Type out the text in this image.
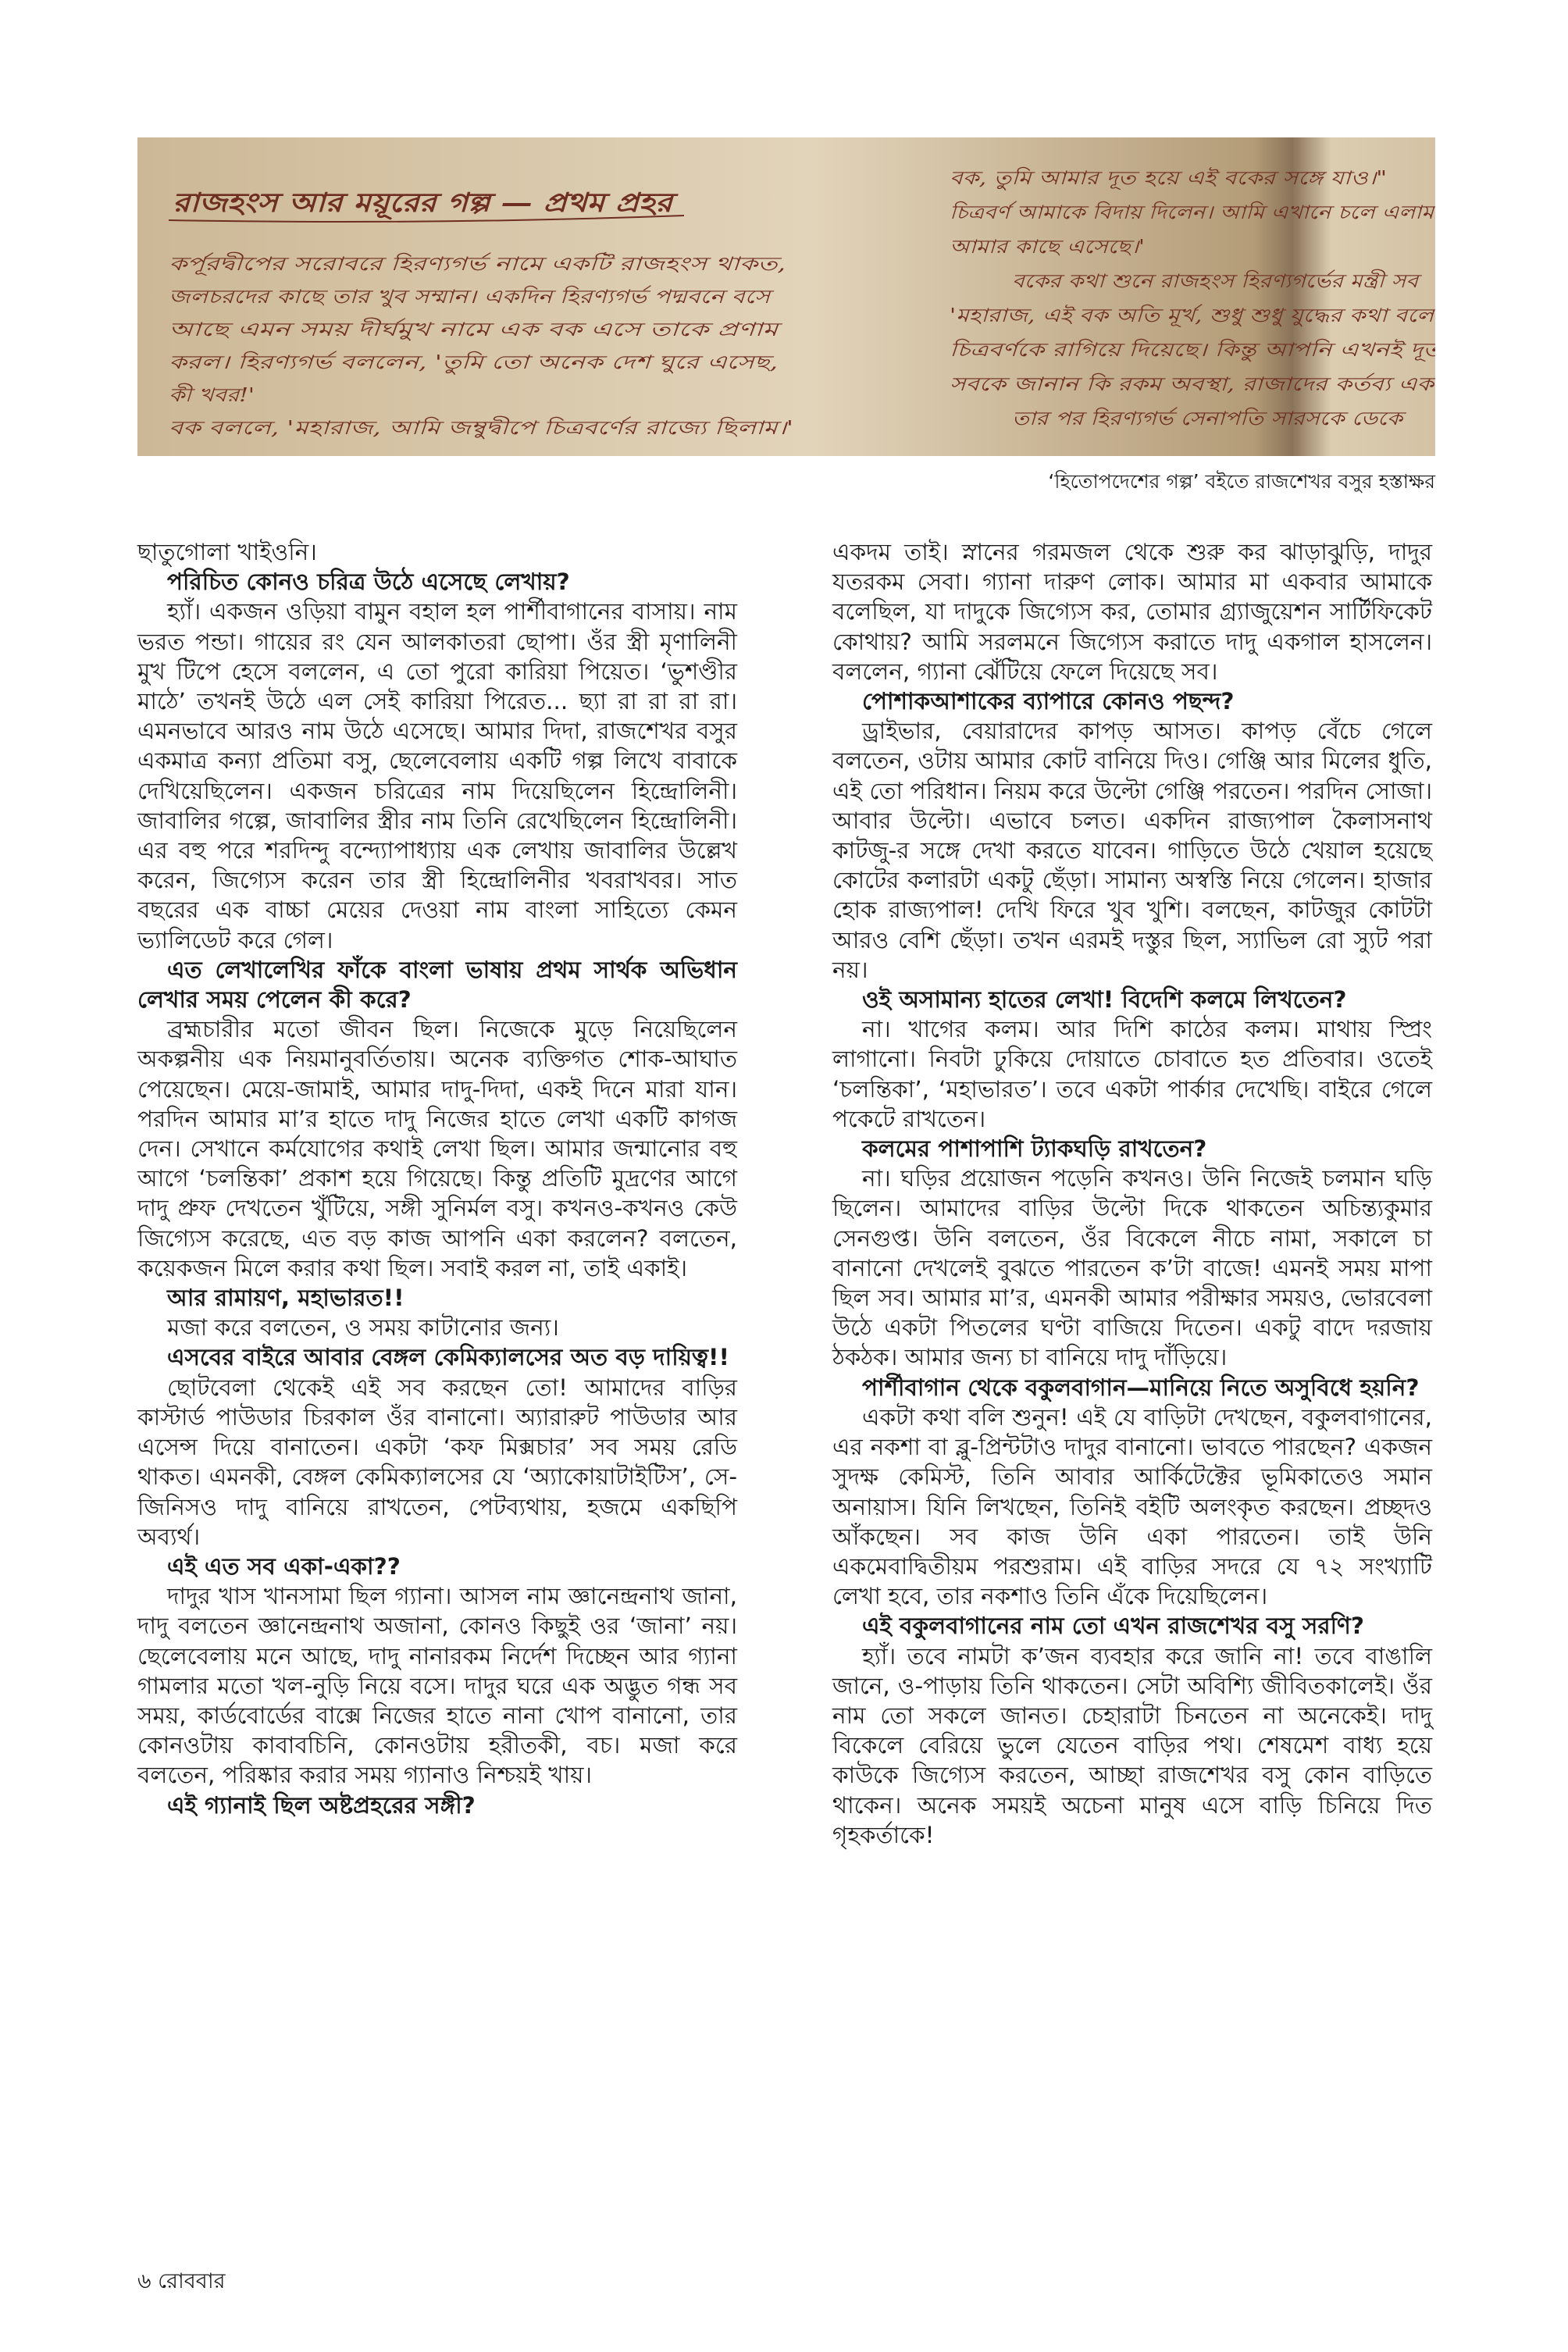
রাজহংস আর ময়ূরের গল্প — প্রথম প্রহর
কর্পূরদ্বীপের সরোবরে হিরণ্যগর্ভ নামে একটি রাজহংস থাকত,
জলচরদের কাছে তার খুব সম্মান। একদিন হিরণ্যগর্ভ পদ্মবনে বসে
আছে এমন সময় দীর্ঘমুখ নামে এক বক এসে তাকে প্রণাম
করল। হিরণ্যগর্ভ বললেন, 'তুমি তো অনেক দেশ ঘুরে এসেছ,
কী খবর!'
বক বললে, 'মহারাজ, আমি জম্বুদ্বীপে চিত্রবর্ণের রাজ্যে ছিলাম।'
বক, তুমি আমার দূত হয়ে এই বকের সঙ্গে যাও।"
চিত্রবর্ণ আমাকে বিদায় দিলেন। আমি এখানে চলে এলাম
আমার কাছে এসেছে।'
বকের কথা শুনে রাজহংস হিরণ্যগর্ভের মন্ত্রী সব
'মহারাজ, এই বক অতি মূর্খ, শুধু শুধু যুদ্ধের কথা বলে
চিত্রবর্ণকে রাগিয়ে দিয়েছে। কিন্তু আপনি এখনই দূত
সবকে জানান কি রকম অবস্থা, রাজাদের কর্তব্য এক
তার পর হিরণ্যগর্ভ সেনাপতি সারসকে ডেকে
‘হিতোপদেশের গল্প’ বইতে রাজশেখর বসুর হস্তাক্ষর

ছাতুগোলা খাইওনি।

পরিচিত কোনও চরিত্র উঠে এসেছে লেখায়?

হ্যাঁ। একজন ওড়িয়া বামুন বহাল হল পার্শীবাগানের বাসায়। নাম ভরত পন্ডা। গায়ের রং যেন আলকাতরা ছোপা। ওঁর স্ত্রী মৃণালিনী মুখ টিপে হেসে বললেন, এ তো পুরো কারিয়া পিয়েত। ‘ভুশণ্ডীর মাঠে’ তখনই উঠে এল সেই কারিয়া পিরেত... ছ্যা রা রা রা রা। এমনভাবে আরও নাম উঠে এসেছে। আমার দিদা, রাজশেখর বসুর একমাত্র কন্যা প্রতিমা বসু, ছেলেবেলায় একটি গল্প লিখে বাবাকে দেখিয়েছিলেন। একজন চরিত্রের নাম দিয়েছিলেন হিন্দ্রোলিনী। জাবালির গল্পে, জাবালির স্ত্রীর নাম তিনি রেখেছিলেন হিন্দ্রোলিনী। এর বহু পরে শরদিন্দু বন্দ্যোপাধ্যায় এক লেখায় জাবালির উল্লেখ করেন, জিগ্যেস করেন তার স্ত্রী হিন্দ্রোলিনীর খবরাখবর। সাত বছরের এক বাচ্চা মেয়ের দেওয়া নাম বাংলা সাহিত্যে কেমন ভ্যালিডেট করে গেল।

এত লেখালেখির ফাঁকে বাংলা ভাষায় প্রথম সার্থক অভিধান লেখার সময় পেলেন কী করে?

ব্রহ্মচারীর মতো জীবন ছিল। নিজেকে মুড়ে নিয়েছিলেন অকল্পনীয় এক নিয়মানুবর্তিতায়। অনেক ব্যক্তিগত শোক-আঘাত পেয়েছেন। মেয়ে-জামাই, আমার দাদু-দিদা, একই দিনে মারা যান। পরদিন আমার মা’র হাতে দাদু নিজের হাতে লেখা একটি কাগজ দেন। সেখানে কর্মযোগের কথাই লেখা ছিল। আমার জন্মানোর বহু আগে ‘চলন্তিকা’ প্রকাশ হয়ে গিয়েছে। কিন্তু প্রতিটি মুদ্রণের আগে দাদু প্রুফ দেখতেন খুঁটিয়ে, সঙ্গী সুনির্মল বসু। কখনও-কখনও কেউ জিগ্যেস করেছে, এত বড় কাজ আপনি একা করলেন? বলতেন, কয়েকজন মিলে করার কথা ছিল। সবাই করল না, তাই একাই।

আর রামায়ণ, মহাভারত!!

মজা করে বলতেন, ও সময় কাটানোর জন্য।

এসবের বাইরে আবার বেঙ্গল কেমিক্যালসের অত বড় দায়িত্ব!!

ছোটবেলা থেকেই এই সব করছেন তো! আমাদের বাড়ির কাস্টার্ড পাউডার চিরকাল ওঁর বানানো। অ্যারারুট পাউডার আর এসেন্স দিয়ে বানাতেন। একটা ‘কফ মিক্সচার’ সব সময় রেডি থাকত। এমনকী, বেঙ্গল কেমিক্যালসের যে ‘অ্যাকোয়াটাইটিস’, সে-জিনিসও দাদু বানিয়ে রাখতেন, পেটব্যথায়, হজমে একছিপি অব্যর্থ।

এই এত সব একা-একা??

দাদুর খাস খানসামা ছিল গ্যানা। আসল নাম জ্ঞানেন্দ্রনাথ জানা, দাদু বলতেন জ্ঞানেন্দ্রনাথ অজানা, কোনও কিছুই ওর ‘জানা’ নয়। ছেলেবেলায় মনে আছে, দাদু নানারকম নির্দেশ দিচ্ছেন আর গ্যানা গামলার মতো খল-নুড়ি নিয়ে বসে। দাদুর ঘরে এক অদ্ভুত গন্ধ সব সময়, কার্ডবোর্ডের বাক্সে নিজের হাতে নানা খোপ বানানো, তার কোনওটায় কাবাবচিনি, কোনওটায় হরীতকী, বচ। মজা করে বলতেন, পরিষ্কার করার সময় গ্যানাও নিশ্চয়ই খায়।

এই গ্যানাই ছিল অষ্টপ্রহরের সঙ্গী?

একদম তাই। স্নানের গরমজল থেকে শুরু কর ঝাড়াঝুড়ি, দাদুর যতরকম সেবা। গ্যানা দারুণ লোক। আমার মা একবার আমাকে বলেছিল, যা দাদুকে জিগ্যেস কর, তোমার গ্র্যাজুয়েশন সার্টিফিকেট কোথায়? আমি সরলমনে জিগ্যেস করাতে দাদু একগাল হাসলেন। বললেন, গ্যানা ঝেঁটিয়ে ফেলে দিয়েছে সব।

পোশাকআশাকের ব্যাপারে কোনও পছন্দ?

ড্রাইভার, বেয়ারাদের কাপড় আসত। কাপড় বেঁচে গেলে বলতেন, ওটায় আমার কোট বানিয়ে দিও। গেঞ্জি আর মিলের ধুতি, এই তো পরিধান। নিয়ম করে উল্টো গেঞ্জি পরতেন। পরদিন সোজা। আবার উল্টো। এভাবে চলত। একদিন রাজ্যপাল কৈলাসনাথ কাটজু-র সঙ্গে দেখা করতে যাবেন। গাড়িতে উঠে খেয়াল হয়েছে কোটের কলারটা একটু ছেঁড়া। সামান্য অস্বস্তি নিয়ে গেলেন। হাজার হোক রাজ্যপাল! দেখি ফিরে খুব খুশি। বলছেন, কাটজুর কোটটা আরও বেশি ছেঁড়া। তখন এরমই দস্তুর ছিল, স্যাভিল রো স্যুট পরা নয়।

ওই অসামান্য হাতের লেখা! বিদেশি কলমে লিখতেন?

না। খাগের কলম। আর দিশি কাঠের কলম। মাথায় স্প্রিং লাগানো। নিবটা ঢুকিয়ে দোয়াতে চোবাতে হত প্রতিবার। ওতেই ‘চলন্তিকা’, ‘মহাভারত’। তবে একটা পার্কার দেখেছি। বাইরে গেলে পকেটে রাখতেন।

কলমের পাশাপাশি ট্যাকঘড়ি রাখতেন?

না। ঘড়ির প্রয়োজন পড়েনি কখনও। উনি নিজেই চলমান ঘড়ি ছিলেন। আমাদের বাড়ির উল্টো দিকে থাকতেন অচিন্ত্যকুমার সেনগুপ্ত। উনি বলতেন, ওঁর বিকেলে নীচে নামা, সকালে চা বানানো দেখলেই বুঝতে পারতেন ক’টা বাজে! এমনই সময় মাপা ছিল সব। আমার মা’র, এমনকী আমার পরীক্ষার সময়ও, ভোরবেলা উঠে একটা পিতলের ঘণ্টা বাজিয়ে দিতেন। একটু বাদে দরজায় ঠকঠক। আমার জন্য চা বানিয়ে দাদু দাঁড়িয়ে।

পার্শীবাগান থেকে বকুলবাগান—মানিয়ে নিতে অসুবিধে হয়নি?

একটা কথা বলি শুনুন! এই যে বাড়িটা দেখছেন, বকুলবাগানের, এর নকশা বা ব্লু-প্রিন্টটাও দাদুর বানানো। ভাবতে পারছেন? একজন সুদক্ষ কেমিস্ট, তিনি আবার আর্কিটেক্টের ভূমিকাতেও সমান অনায়াস। যিনি লিখছেন, তিনিই বইটি অলংকৃত করছেন। প্রচ্ছদও আঁকছেন। সব কাজ উনি একা পারতেন। তাই উনি একমেবাদ্বিতীয়ম পরশুরাম। এই বাড়ির সদরে যে ৭২ সংখ্যাটি লেখা হবে, তার নকশাও তিনি এঁকে দিয়েছিলেন।

এই বকুলবাগানের নাম তো এখন রাজশেখর বসু সরণি?

হ্যাঁ। তবে নামটা ক’জন ব্যবহার করে জানি না! তবে বাঙালি জানে, ও-পাড়ায় তিনি থাকতেন। সেটা অবিশ্যি জীবিতকালেই। ওঁর নাম তো সকলে জানত। চেহারাটা চিনতেন না অনেকেই। দাদু বিকেলে বেরিয়ে ভুলে যেতেন বাড়ির পথ। শেষমেশ বাধ্য হয়ে কাউকে জিগ্যেস করতেন, আচ্ছা রাজশেখর বসু কোন বাড়িতে থাকেন। অনেক সময়ই অচেনা মানুষ এসে বাড়ি চিনিয়ে দিত গৃহকর্তাকে!

৬ রোববার
